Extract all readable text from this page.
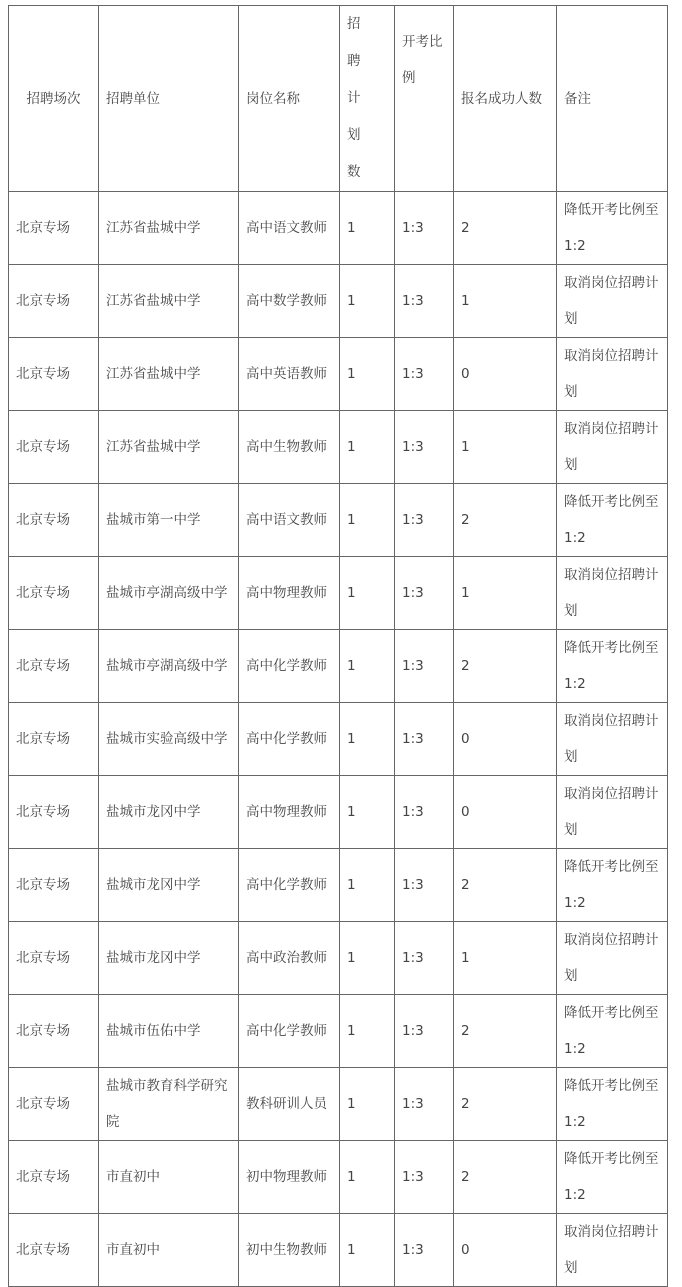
招聘场次	招聘单位	岗位名称	招聘计划数	开考比例	报名成功人数	备注
北京专场	江苏省盐城中学	高中语文教师	1	1:3	2	降低开考比例至1:2
北京专场	江苏省盐城中学	高中数学教师	1	1:3	1	取消岗位招聘计划
北京专场	江苏省盐城中学	高中英语教师	1	1:3	0	取消岗位招聘计划
北京专场	江苏省盐城中学	高中生物教师	1	1:3	1	取消岗位招聘计划
北京专场	盐城市第一中学	高中语文教师	1	1:3	2	降低开考比例至1:2
北京专场	盐城市亭湖高级中学	高中物理教师	1	1:3	1	取消岗位招聘计划
北京专场	盐城市亭湖高级中学	高中化学教师	1	1:3	2	降低开考比例至1:2
北京专场	盐城市实验高级中学	高中化学教师	1	1:3	0	取消岗位招聘计划
北京专场	盐城市龙冈中学	高中物理教师	1	1:3	0	取消岗位招聘计划
北京专场	盐城市龙冈中学	高中化学教师	1	1:3	2	降低开考比例至1:2
北京专场	盐城市龙冈中学	高中政治教师	1	1:3	1	取消岗位招聘计划
北京专场	盐城市伍佑中学	高中化学教师	1	1:3	2	降低开考比例至1:2
北京专场	盐城市教育科学研究院	教科研训人员	1	1:3	2	降低开考比例至1:2
北京专场	市直初中	初中物理教师	1	1:3	2	降低开考比例至1:2
北京专场	市直初中	初中生物教师	1	1:3	0	取消岗位招聘计划
